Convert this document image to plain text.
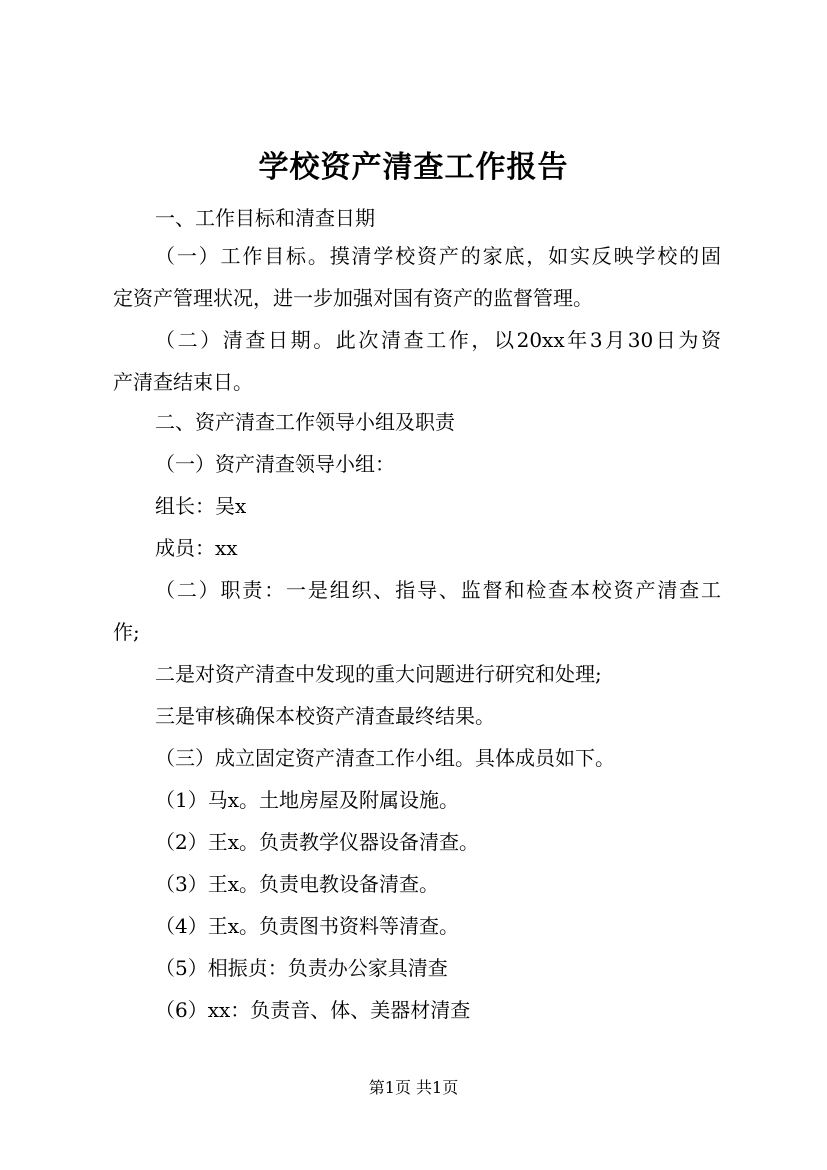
学校资产清查工作报告
一、工作目标和清查日期
（一）工作目标。摸清学校资产的家底，如实反映学校的固
定资产管理状况，进一步加强对国有资产的监督管理。
（二）清查日期。此次清查工作，以20xx年3月30日为资
产清查结束日。
二、资产清查工作领导小组及职责
（一）资产清查领导小组：
组长：吴x
成员：xx
（二）职责：一是组织、指导、监督和检查本校资产清查工
作;
二是对资产清查中发现的重大问题进行研究和处理;
三是审核确保本校资产清查最终结果。
（三）成立固定资产清查工作小组。具体成员如下。
（1）马x。土地房屋及附属设施。
（2）王x。负责教学仪器设备清查。
（3）王x。负责电教设备清查。
（4）王x。负责图书资料等清查。
（5）相振贞：负责办公家具清查
（6）xx：负责音、体、美器材清查
第1页 共1页
